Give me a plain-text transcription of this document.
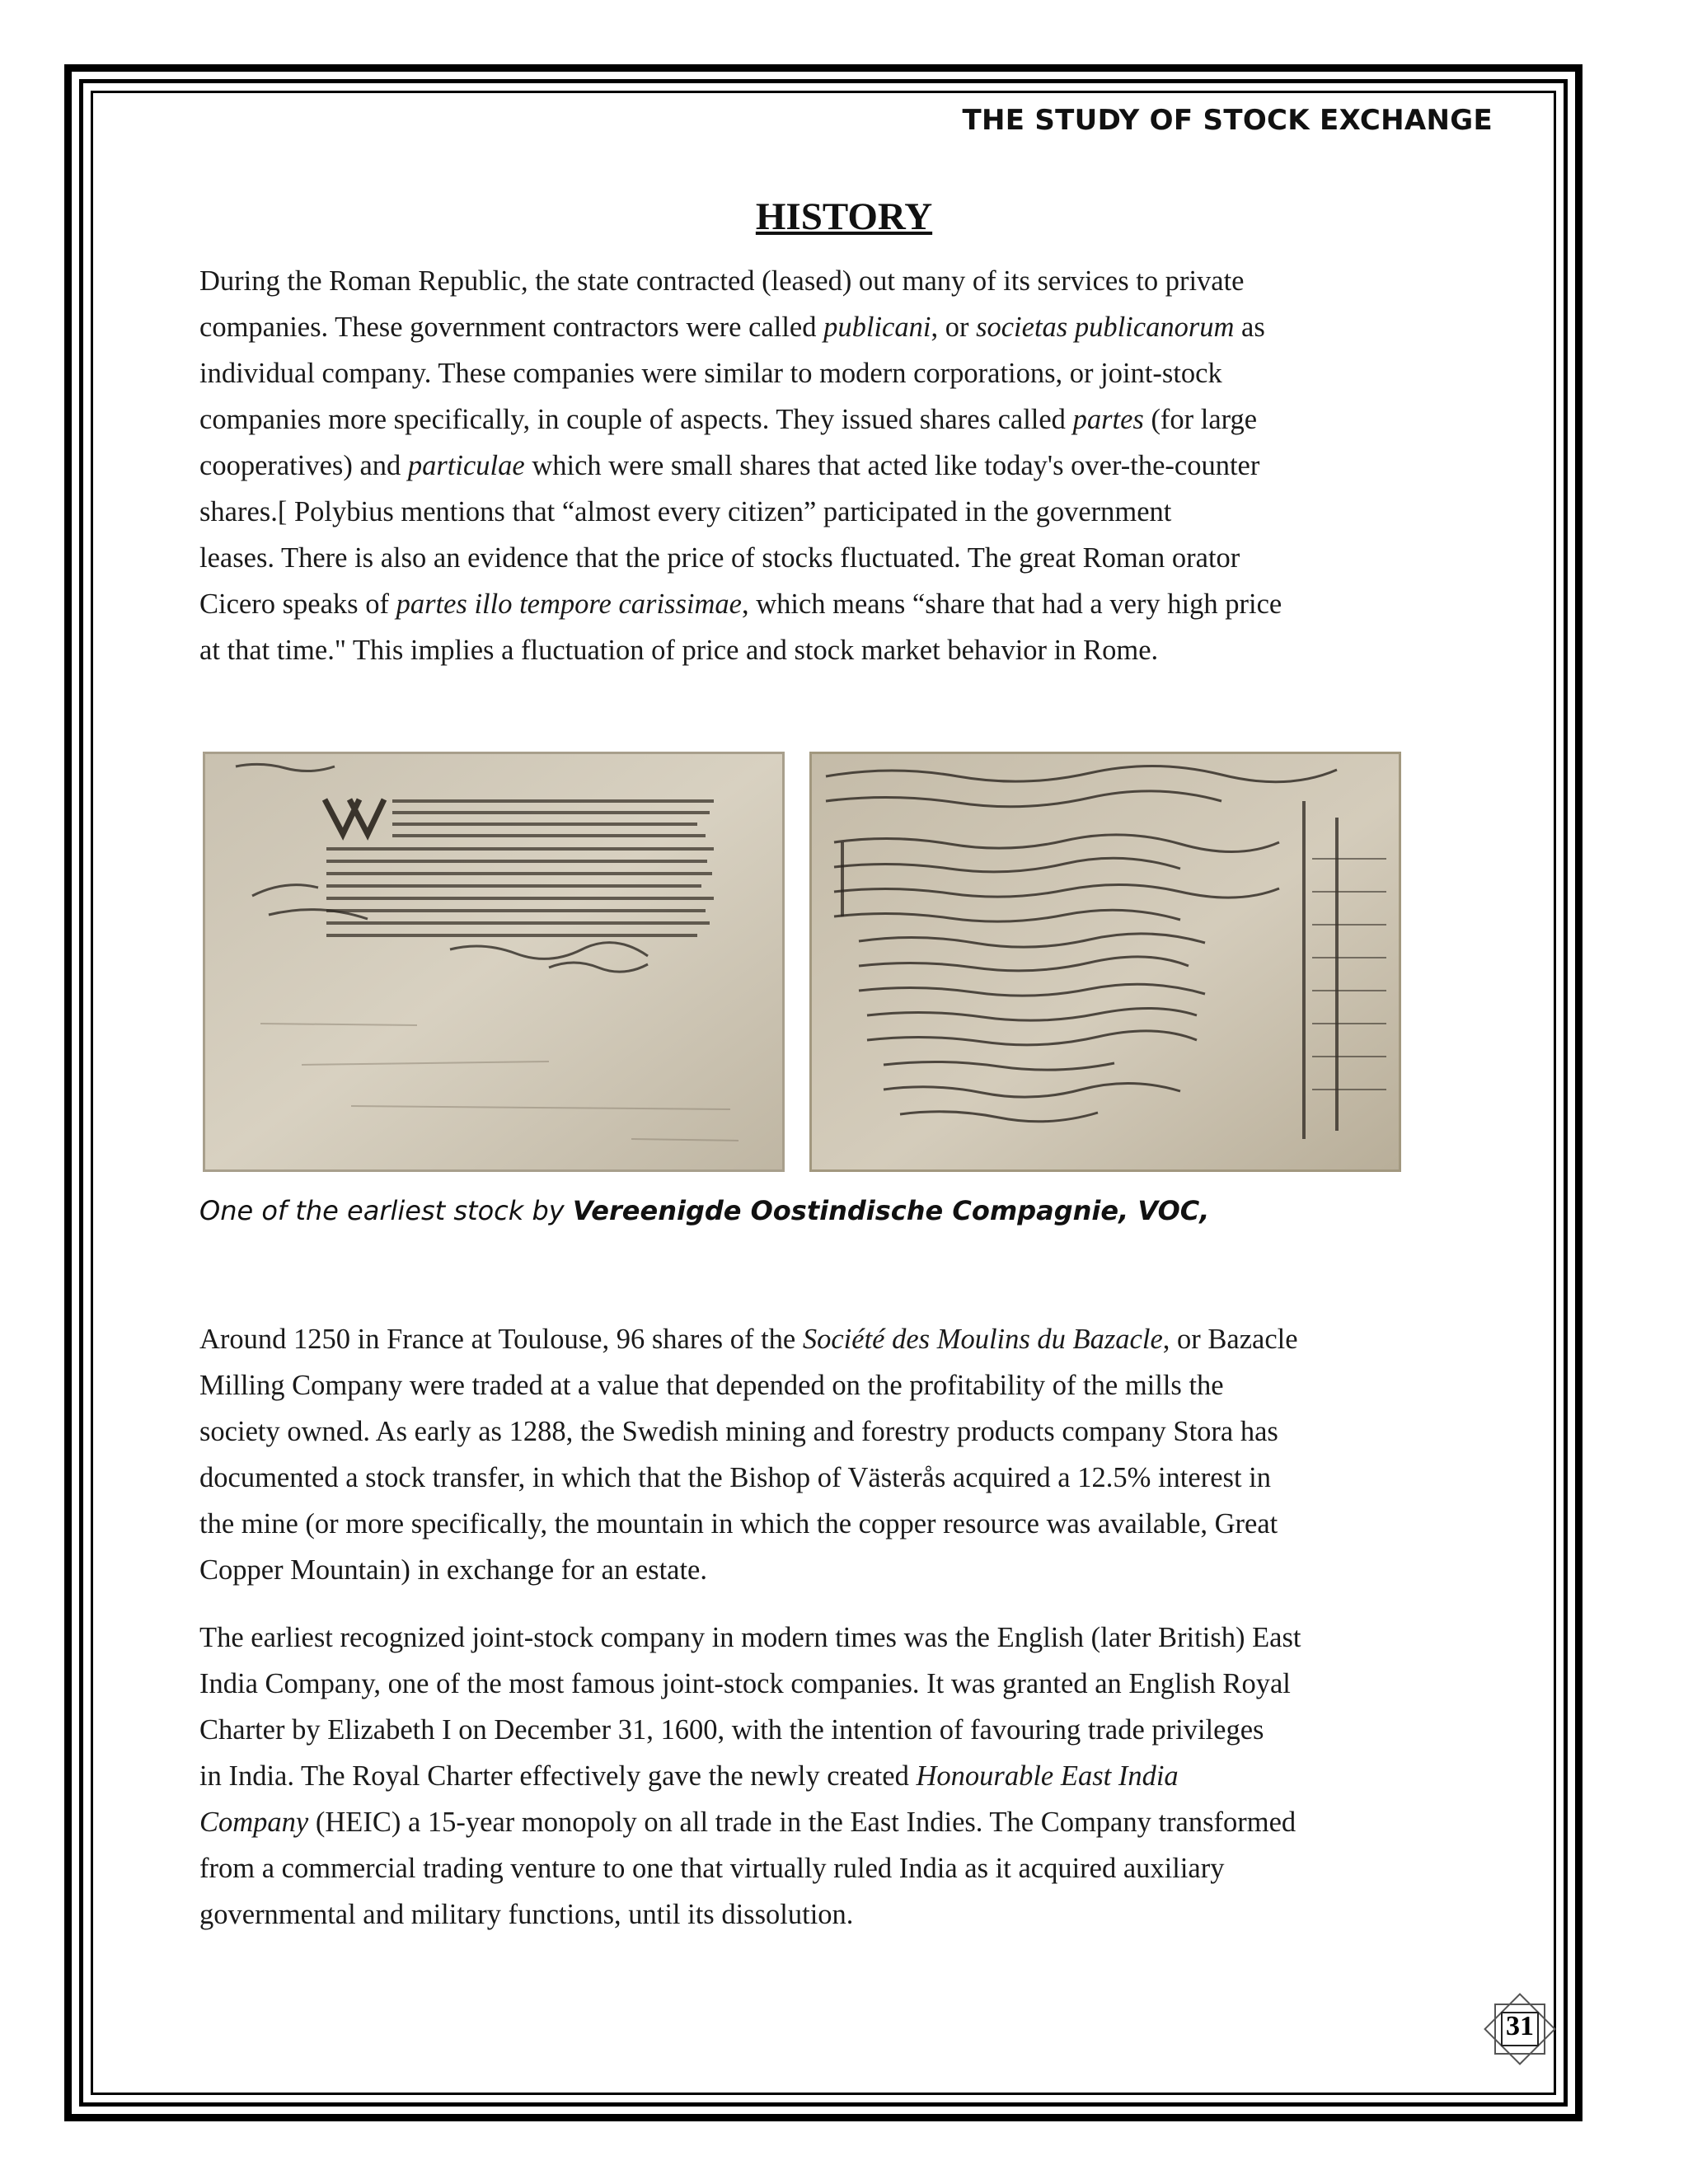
THE STUDY OF STOCK EXCHANGE
HISTORY
During the Roman Republic, the state contracted (leased) out many of its services to private
companies. These government contractors were called publicani, or societas publicanorum as
individual company. These companies were similar to modern corporations, or joint-stock
companies more specifically, in couple of aspects. They issued shares called partes (for large
cooperatives) and particulae which were small shares that acted like today's over-the-counter
shares.[ Polybius mentions that “almost every citizen” participated in the government
leases. There is also an evidence that the price of stocks fluctuated. The great Roman orator
Cicero speaks of partes illo tempore carissimae, which means “share that had a very high price
at that time." This implies a fluctuation of price and stock market behavior in Rome.
One of the earliest stock by Vereenigde Oostindische Compagnie, VOC,
Around 1250 in France at Toulouse, 96 shares of the Société des Moulins du Bazacle, or Bazacle
Milling Company were traded at a value that depended on the profitability of the mills the
society owned. As early as 1288, the Swedish mining and forestry products company Stora has
documented a stock transfer, in which that the Bishop of Västerås acquired a 12.5% interest in
the mine (or more specifically, the mountain in which the copper resource was available, Great
Copper Mountain) in exchange for an estate.
The earliest recognized joint-stock company in modern times was the English (later British) East
India Company, one of the most famous joint-stock companies. It was granted an English Royal
Charter by Elizabeth I on December 31, 1600, with the intention of favouring trade privileges
in India. The Royal Charter effectively gave the newly created Honourable East India
Company (HEIC) a 15-year monopoly on all trade in the East Indies. The Company transformed
from a commercial trading venture to one that virtually ruled India as it acquired auxiliary
governmental and military functions, until its dissolution.
31
